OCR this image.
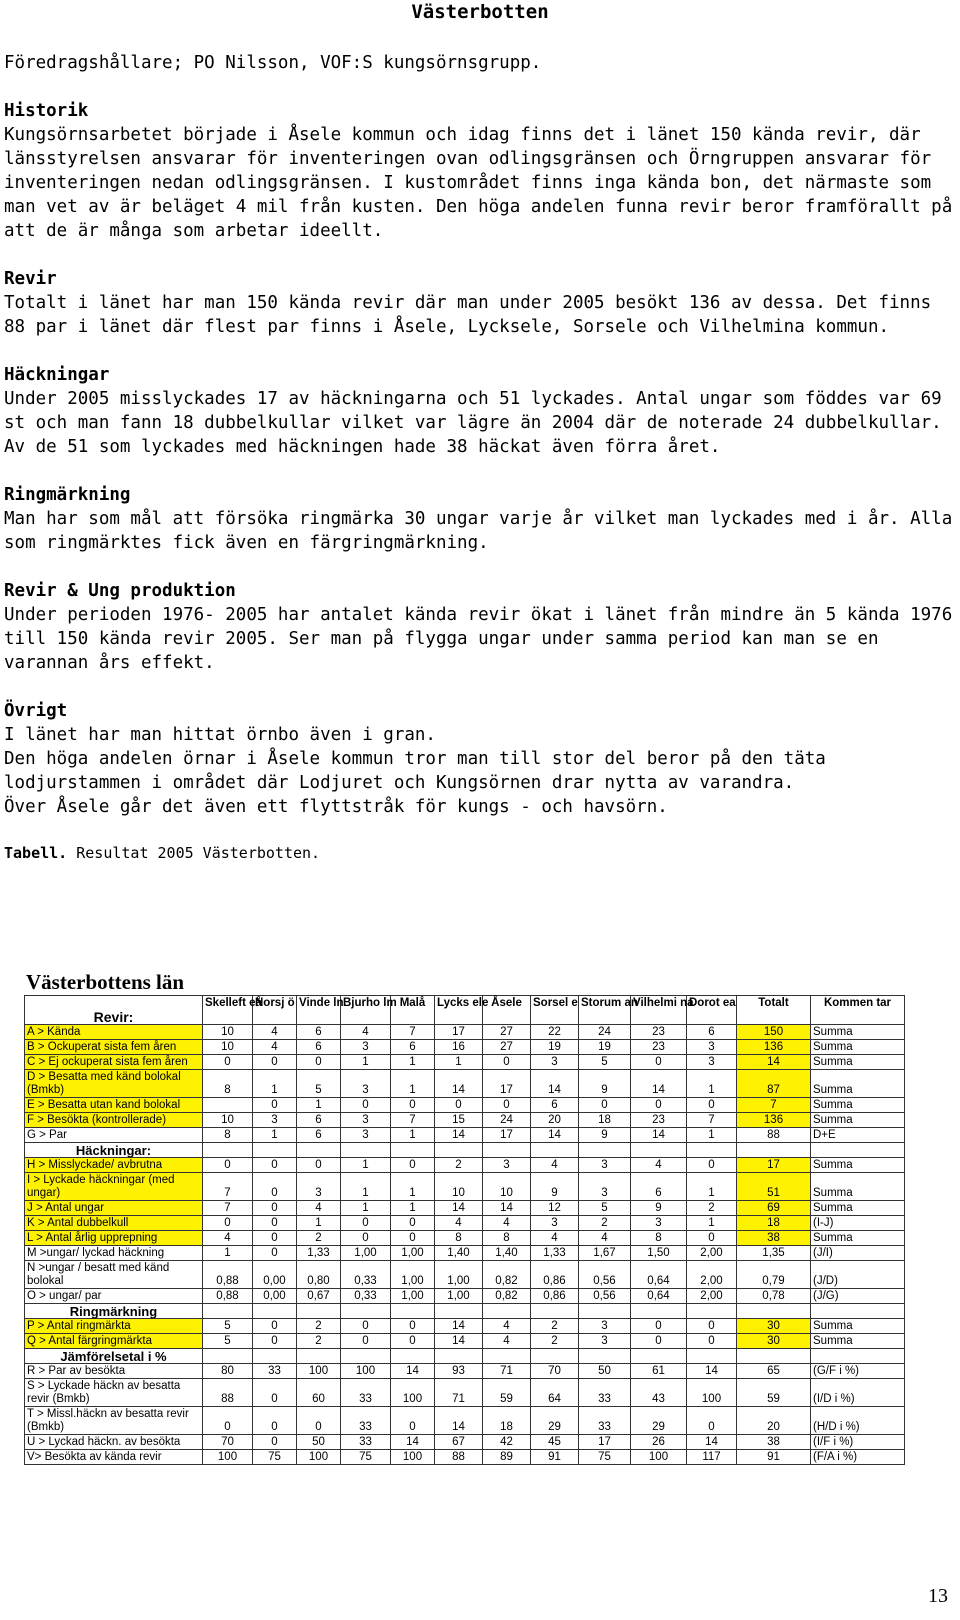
Västerbotten

Föredragshållare; PO Nilsson, VOF:S kungsörnsgrupp.

Historik

Kungsörnsarbetet började i Åsele kommun och idag finns det i länet 150 kända revir, där länsstyrelsen ansvarar för inventeringen ovan odlingsgränsen och Örngruppen ansvarar för inventeringen nedan odlingsgränsen. I kustområdet finns inga kända bon, det närmaste som man vet av är beläget 4 mil från kusten. Den höga andelen funna revir beror framförallt på att de är många som arbetar ideellt.

Revir

Totalt i länet har man 150 kända revir där man under 2005 besökt 136 av dessa. Det finns 88 par i länet där flest par finns i Åsele, Lycksele, Sorsele och Vilhelmina kommun.

Häckningar

Under 2005 misslyckades 17 av häckningarna och 51 lyckades. Antal ungar som föddes var 69 st och man fann 18 dubbelkullar vilket var lägre än 2004 där de noterade 24 dubbelkullar. Av de 51 som lyckades med häckningen hade 38 häckat även förra året.

Ringmärkning

Man har som mål att försöka ringmärka 30 ungar varje år vilket man lyckades med i år. Alla som ringmärktes fick även en färgringmärkning.

Revir & Ung produktion

Under perioden 1976- 2005 har antalet kända revir ökat i länet från mindre än 5 kända 1976 till 150 kända revir 2005. Ser man på flygga ungar under samma period kan man se en varannan års effekt.

Övrigt

I länet har man hittat örnbo även i gran.

Den höga andelen örnar i Åsele kommun tror man till stor del beror på den täta lodjurstammen i området där Lodjuret och Kungsörnen drar nytta av varandra.

Över Åsele går det även ett flyttstråk för kungs - och havsörn.

Tabell. Resultat 2005 Västerbotten.

Västerbottens län
Revir:	Skelleft eå	Norsj ö	Vinde ln	Bjurho lm	Malå	Lycks ele	Åsele	Sorsel e	Storum an	Vilhelmi na	Dorot ea	Totalt	Kommen tar
A > Kända	10	4	6	4	7	17	27	22	24	23	6	150	Summa
B > Ockuperat sista fem åren	10	4	6	3	6	16	27	19	19	23	3	136	Summa
C > Ej ockuperat sista fem åren	0	0	0	1	1	1	0	3	5	0	3	14	Summa
D > Besatta med känd bolokal (Bmkb)	8	1	5	3	1	14	17	14	9	14	1	87	Summa
E > Besatta utan kand bolokal		0	1	0	0	0	0	6	0	0	0	7	Summa
F > Besökta (kontrollerade)	10	3	6	3	7	15	24	20	18	23	7	136	Summa
G > Par	8	1	6	3	1	14	17	14	9	14	1	88	D+E
Häckningar:													
H > Misslyckade/ avbrutna	0	0	0	1	0	2	3	4	3	4	0	17	Summa
I > Lyckade häckningar (med ungar)	7	0	3	1	1	10	10	9	3	6	1	51	Summa
J > Antal ungar	7	0	4	1	1	14	14	12	5	9	2	69	Summa
K > Antal dubbelkull	0	0	1	0	0	4	4	3	2	3	1	18	(I-J)
L > Antal årlig upprepning	4	0	2	0	0	8	8	4	4	8	0	38	Summa
M >ungar/ lyckad häckning	1	0	1,33	1,00	1,00	1,40	1,40	1,33	1,67	1,50	2,00	1,35	(J/I)
N >ungar / besatt med känd bolokal	0,88	0,00	0,80	0,33	1,00	1,00	0,82	0,86	0,56	0,64	2,00	0,79	(J/D)
O > ungar/ par	0,88	0,00	0,67	0,33	1,00	1,00	0,82	0,86	0,56	0,64	2,00	0,78	(J/G)
Ringmärkning													
P > Antal ringmärkta	5	0	2	0	0	14	4	2	3	0	0	30	Summa
Q > Antal färgringmärkta	5	0	2	0	0	14	4	2	3	0	0	30	Summa
Jämförelsetal i %													
R > Par av besökta	80	33	100	100	14	93	71	70	50	61	14	65	(G/F i %)
S > Lyckade häckn av besatta revir (Bmkb)	88	0	60	33	100	71	59	64	33	43	100	59	(I/D i %)
T > Missl.häckn av besatta revir (Bmkb)	0	0	0	33	0	14	18	29	33	29	0	20	(H/D i %)
U > Lyckad häckn. av besökta	70	0	50	33	14	67	42	45	17	26	14	38	(I/F i %)
V> Besökta av kända revir	100	75	100	75	100	88	89	91	75	100	117	91	(F/A i %)
13
